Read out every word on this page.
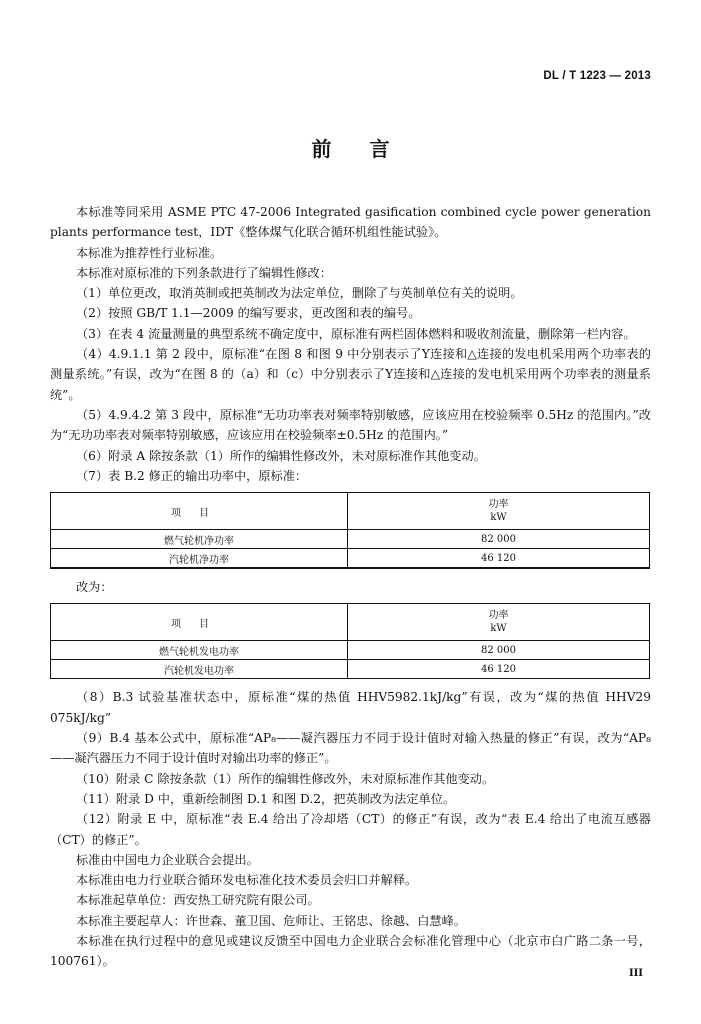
DL / T 1223 — 2013
前言

本标准等同采用 ASME PTC 47-2006 Integrated gasification combined cycle power generation plants performance test，IDT《整体煤气化联合循环机组性能试验》。

本标准为推荐性行业标准。

本标准对原标准的下列条款进行了编辑性修改：

（1）单位更改，取消英制或把英制改为法定单位，删除了与英制单位有关的说明。

（2）按照 GB/T 1.1—2009 的编写要求，更改图和表的编号。

（3）在表 4 流量测量的典型系统不确定度中，原标准有两栏固体燃料和吸收剂流量，删除第一栏内容。

（4）4.9.1.1 第 2 段中，原标准“在图 8 和图 9 中分别表示了Y连接和△连接的发电机采用两个功率表的测量系统。”有误，改为“在图 8 的（a）和（c）中分别表示了Y连接和△连接的发电机采用两个功率表的测量系统”。

（5）4.9.4.2 第 3 段中，原标准“无功功率表对频率特别敏感，应该应用在校验频率 0.5Hz 的范围内。”改为“无功功率表对频率特别敏感，应该应用在校验频率±0.5Hz 的范围内。”

（6）附录 A 除按条款（1）所作的编辑性修改外，未对原标准作其他变动。

（7）表 B.2 修正的输出功率中，原标准：

项目	功率
kW

燃气轮机净功率	82 000
汽轮机净功率	46 120

改为：

项目	功率
kW

燃气轮机发电功率	82 000
汽轮机发电功率	46 120

（8）B.3 试验基准状态中，原标准“煤的热值 HHV5982.1kJ/kg”有误，改为“煤的热值 HHV29 075kJ/kg”

（9）B.4 基本公式中，原标准“AP₈——凝汽器压力不同于设计值时对输入热量的修正”有误，改为“AP₈——凝汽器压力不同于设计值时对输出功率的修正”。

（10）附录 C 除按条款（1）所作的编辑性修改外，未对原标准作其他变动。

（11）附录 D 中，重新绘制图 D.1 和图 D.2，把英制改为法定单位。

（12）附录 E 中，原标准“表 E.4 给出了冷却塔（CT）的修正”有误，改为“表 E.4 给出了电流互感器（CT）的修正”。

标准由中国电力企业联合会提出。

本标准由电力行业联合循环发电标准化技术委员会归口并解释。

本标准起草单位：西安热工研究院有限公司。

本标准主要起草人：许世森、董卫国、危师让、王铭忠、徐越、白慧峰。

本标准在执行过程中的意见或建议反馈至中国电力企业联合会标准化管理中心（北京市白广路二条一号，100761）。

III
